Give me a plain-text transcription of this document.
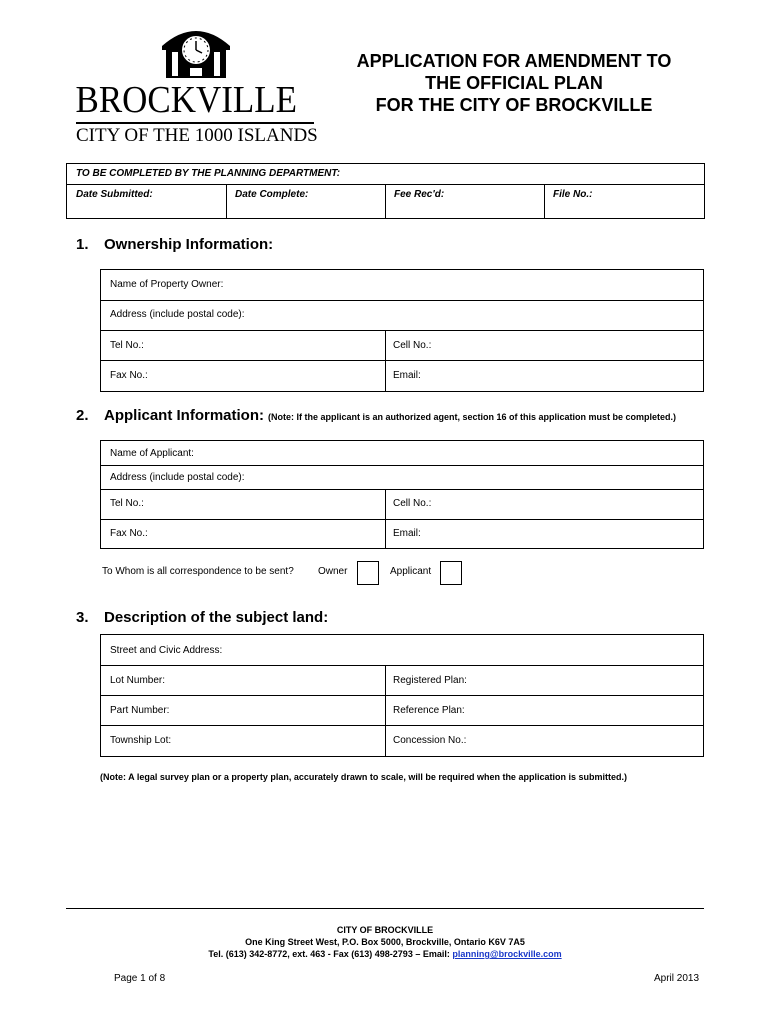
BROCKVILLE
CITY OF THE 1000 ISLANDS
APPLICATION FOR AMENDMENT TO
THE OFFICIAL PLAN
FOR THE CITY OF BROCKVILLE
TO BE COMPLETED BY THE PLANNING DEPARTMENT:
Date Submitted:	Date Complete:	Fee Rec'd:	File No.:
1. Ownership Information:
Name of Property Owner:
Address (include postal code):
Tel No.:	Cell No.:
Fax No.:	Email:
2. Applicant Information: (Note: If the applicant is an authorized agent, section 16 of this application must be completed.)
Name of Applicant:
Address (include postal code):
Tel No.:	Cell No.:
Fax No.:	Email:
To Whom is all correspondence to be sent? Owner	Applicant
3. Description of the subject land:
Street and Civic Address:
Lot Number:	Registered Plan:
Part Number:	Reference Plan:
Township Lot:	Concession No.:
(Note: A legal survey plan or a property plan, accurately drawn to scale, will be required when the application is submitted.)
CITY OF BROCKVILLE
One King Street West, P.O. Box 5000, Brockville, Ontario K6V 7A5
Tel. (613) 342-8772, ext. 463 - Fax (613) 498-2793 – Email: planning@brockville.com
Page 1 of 8	April 2013
